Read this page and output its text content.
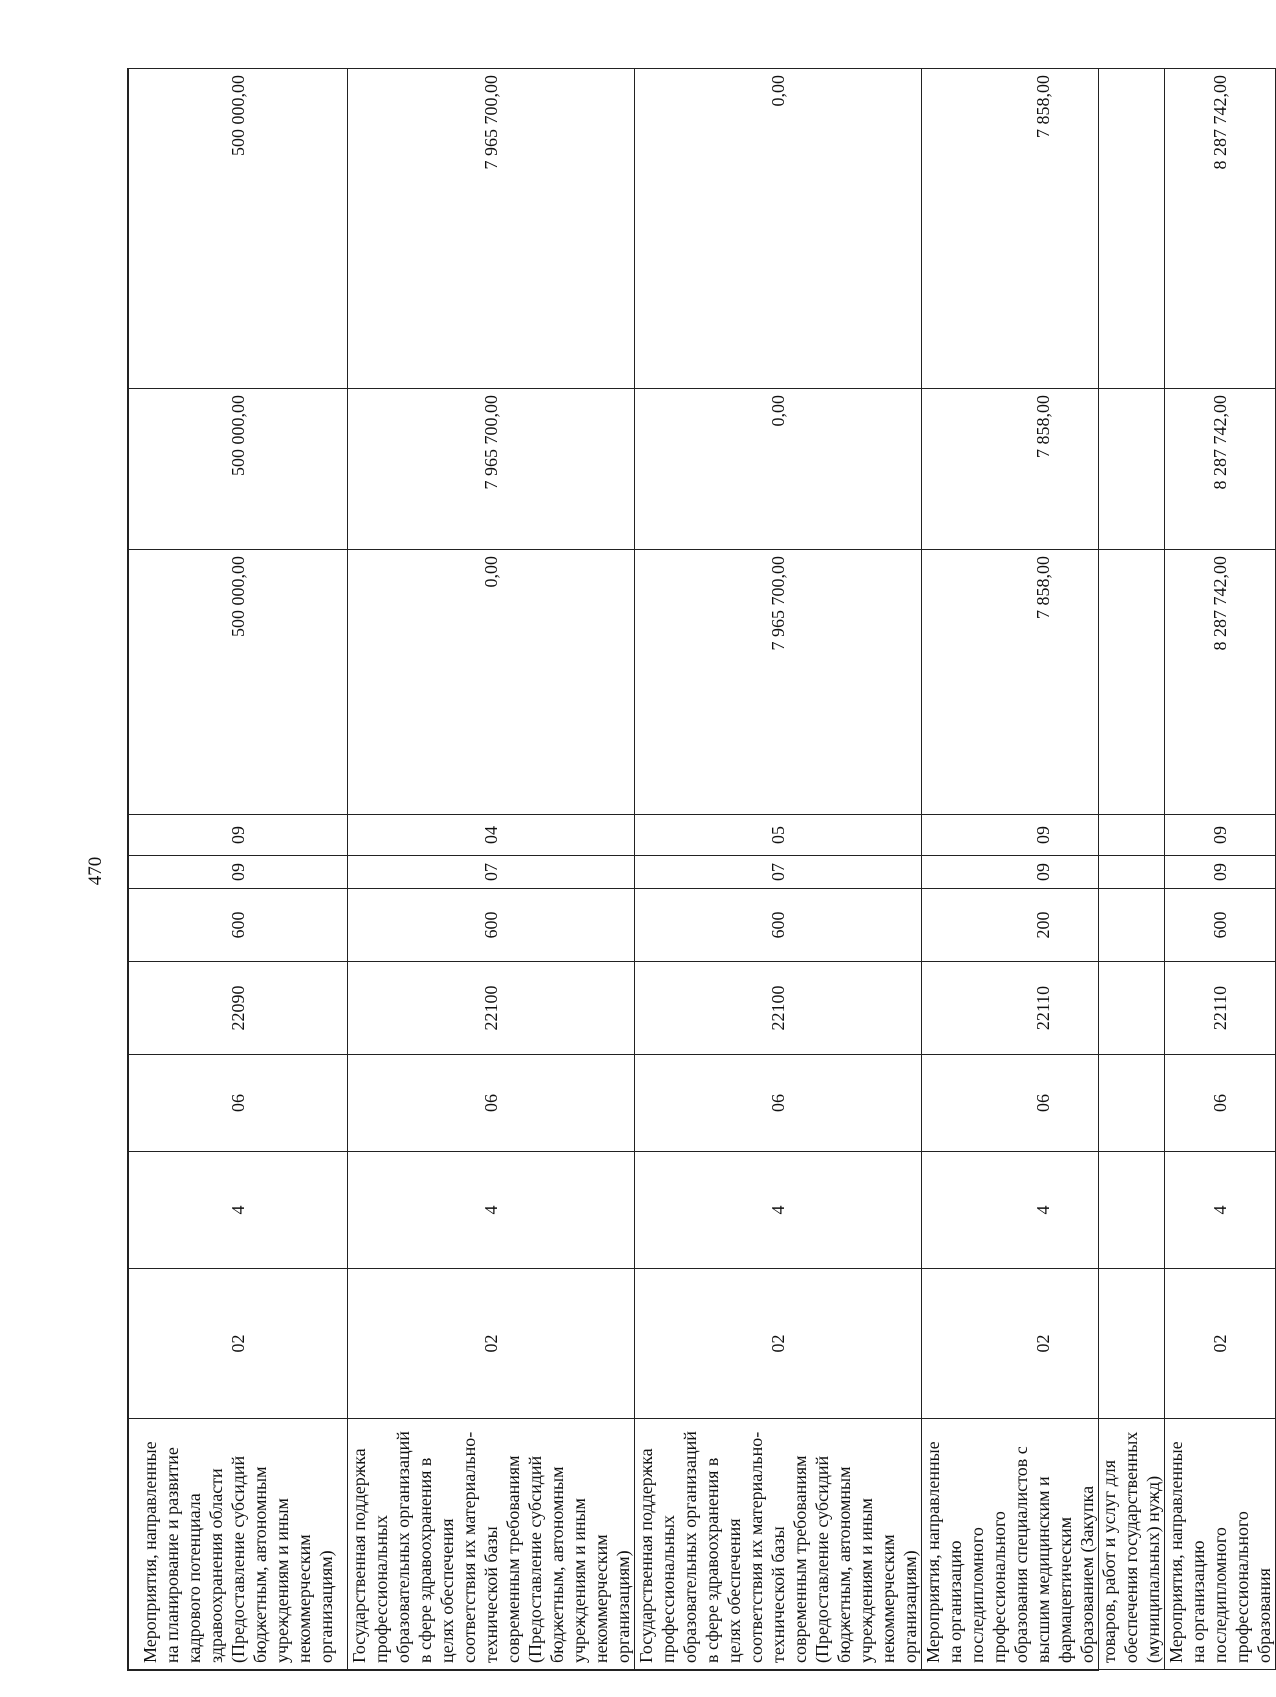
470
Мероприятия, направленные на планирование и развитие кадрового потенциала здравоохранения области (Предоставление субсидий бюджетным, автономным учреждениям и иным некоммерческим организациям)	02	4	06	22090	600	09	09	500 000,00	500 000,00	500 000,00
Государственная поддержка профессиональных образовательных организаций в сфере здравоохранения в целях обеспечения соответствия их материально-технической базы современным требованиям (Предоставление субсидий бюджетным, автономным учреждениям и иным некоммерческим организациям)	02	4	06	22100	600	07	04	0,00	7 965 700,00	7 965 700,00
Государственная поддержка профессиональных образовательных организаций в сфере здравоохранения в целях обеспечения соответствия их материально-технической базы современным требованиям (Предоставление субсидий бюджетным, автономным учреждениям и иным некоммерческим организациям)	02	4	06	22100	600	07	05	7 965 700,00	0,00	0,00
Мероприятия, направленные на организацию последипломного профессионального образования специалистов с высшим медицинским и фармацевтическим образованием (Закупка товаров, работ и услуг для обеспечения государственных (муниципальных) нужд)	02	4	06	22110	200	09	09	7 858,00	7 858,00	7 858,00
Мероприятия, направленные на организацию последипломного профессионального образования	02	4	06	22110	600	09	09	8 287 742,00	8 287 742,00	8 287 742,00
